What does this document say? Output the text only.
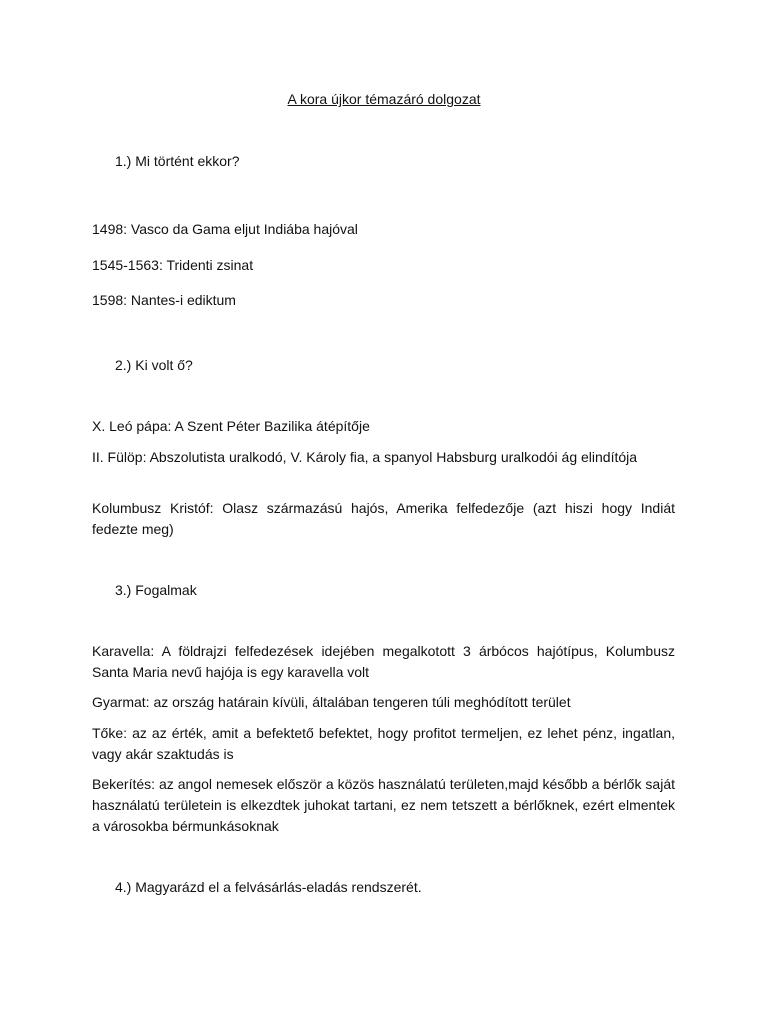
A kora újkor témazáró dolgozat

1.) Mi történt ekkor?

1498: Vasco da Gama eljut Indiába hajóval

1545-1563: Tridenti zsinat

1598: Nantes-i ediktum

2.) Ki volt ő?

X. Leó pápa: A Szent Péter Bazilika átépítője

II. Fülöp: Abszolutista uralkodó, V. Károly fia, a spanyol Habsburg uralkodói ág elindítója

Kolumbusz Kristóf: Olasz származású hajós, Amerika felfedezője (azt hiszi hogy Indiát fedezte meg)

3.) Fogalmak

Karavella: A földrajzi felfedezések idejében megalkotott 3 árbócos hajótípus, Kolumbusz Santa Maria nevű hajója is egy karavella volt

Gyarmat: az ország határain kívüli, általában tengeren túli meghódított terület

Tőke: az az érték, amit a befektető befektet, hogy profitot termeljen, ez lehet pénz, ingatlan, vagy akár szaktudás is

Bekerítés: az angol nemesek először a közös használatú területen,majd később a bérlők saját használatú területein is elkezdtek juhokat tartani, ez nem tetszett a bérlőknek, ezért elmentek a városokba bérmunkásoknak

4.) Magyarázd el a felvásárlás-eladás rendszerét.
